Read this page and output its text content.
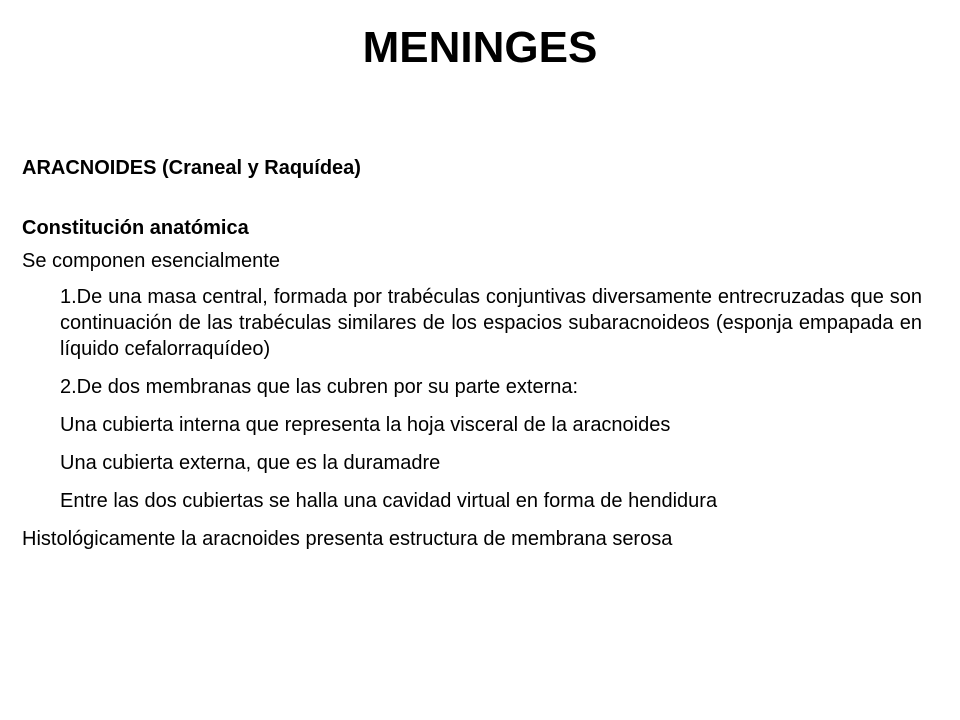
MENINGES

ARACNOIDES (Craneal y Raquídea)

Constitución anatómica

Se componen esencialmente

1.De una masa central, formada por trabéculas conjuntivas diversamente entrecruzadas que son continuación de las trabéculas similares de los espacios subaracnoideos (esponja empapada en líquido cefalorraquídeo)

2.De dos membranas que las cubren por su parte externa:

Una cubierta interna que representa la hoja visceral de la aracnoides

Una cubierta externa, que es la duramadre

Entre las dos cubiertas se halla una cavidad virtual en forma de hendidura

Histológicamente la aracnoides presenta estructura de membrana serosa
